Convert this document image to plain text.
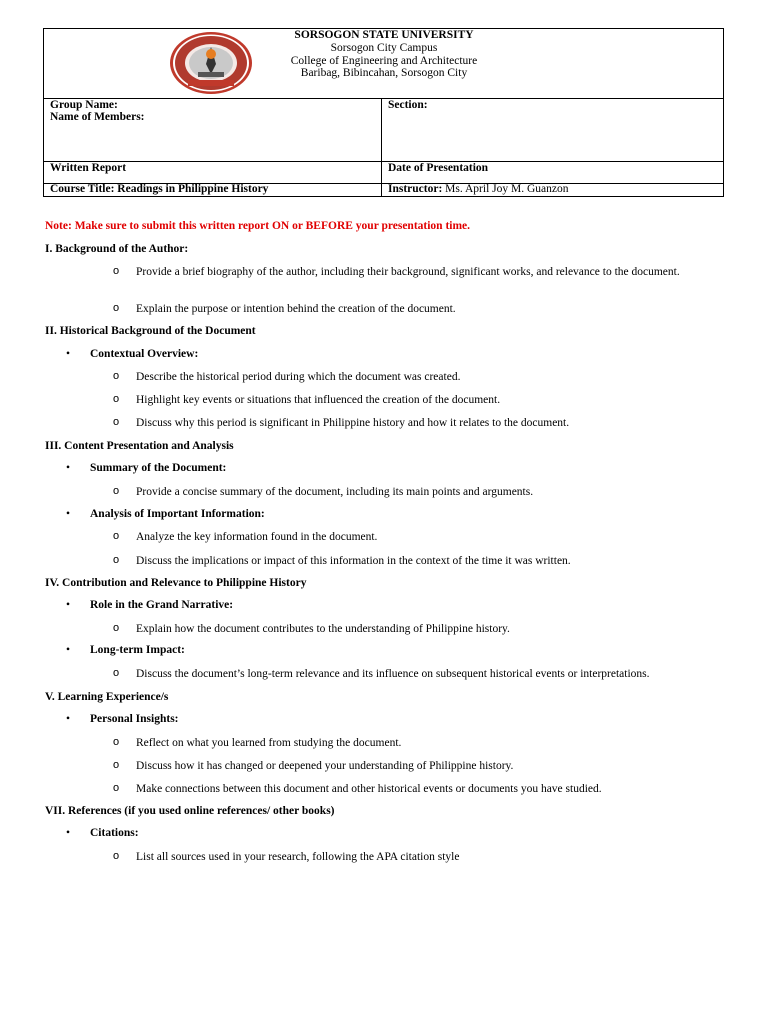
SORSOGON STATE UNIVERSITY
Sorsogon City Campus
College of Engineering and Architecture
Baribag, Bibincahan, Sorsogon City
Group Name:
Name of Members:
Section:
Written Report	Date of Presentation
Course Title: Readings in Philippine History	Instructor: Ms. April Joy M. Guanzon
Note: Make sure to submit this written report ON or BEFORE your presentation time.
I. Background of the Author:
o Provide a brief biography of the author, including their background, significant works, and relevance to the document.
o Explain the purpose or intention behind the creation of the document.
II. Historical Background of the Document
• Contextual Overview:
o Describe the historical period during which the document was created.
o Highlight key events or situations that influenced the creation of the document.
o Discuss why this period is significant in Philippine history and how it relates to the document.
III. Content Presentation and Analysis
• Summary of the Document:
o Provide a concise summary of the document, including its main points and arguments.
• Analysis of Important Information:
o Analyze the key information found in the document.
o Discuss the implications or impact of this information in the context of the time it was written.
IV. Contribution and Relevance to Philippine History
• Role in the Grand Narrative:
o Explain how the document contributes to the understanding of Philippine history.
• Long-term Impact:
o Discuss the document’s long-term relevance and its influence on subsequent historical events or interpretations.
V. Learning Experience/s
• Personal Insights:
o Reflect on what you learned from studying the document.
o Discuss how it has changed or deepened your understanding of Philippine history.
o Make connections between this document and other historical events or documents you have studied.
VII. References (if you used online references/ other books)
• Citations:
o List all sources used in your research, following the APA citation style
